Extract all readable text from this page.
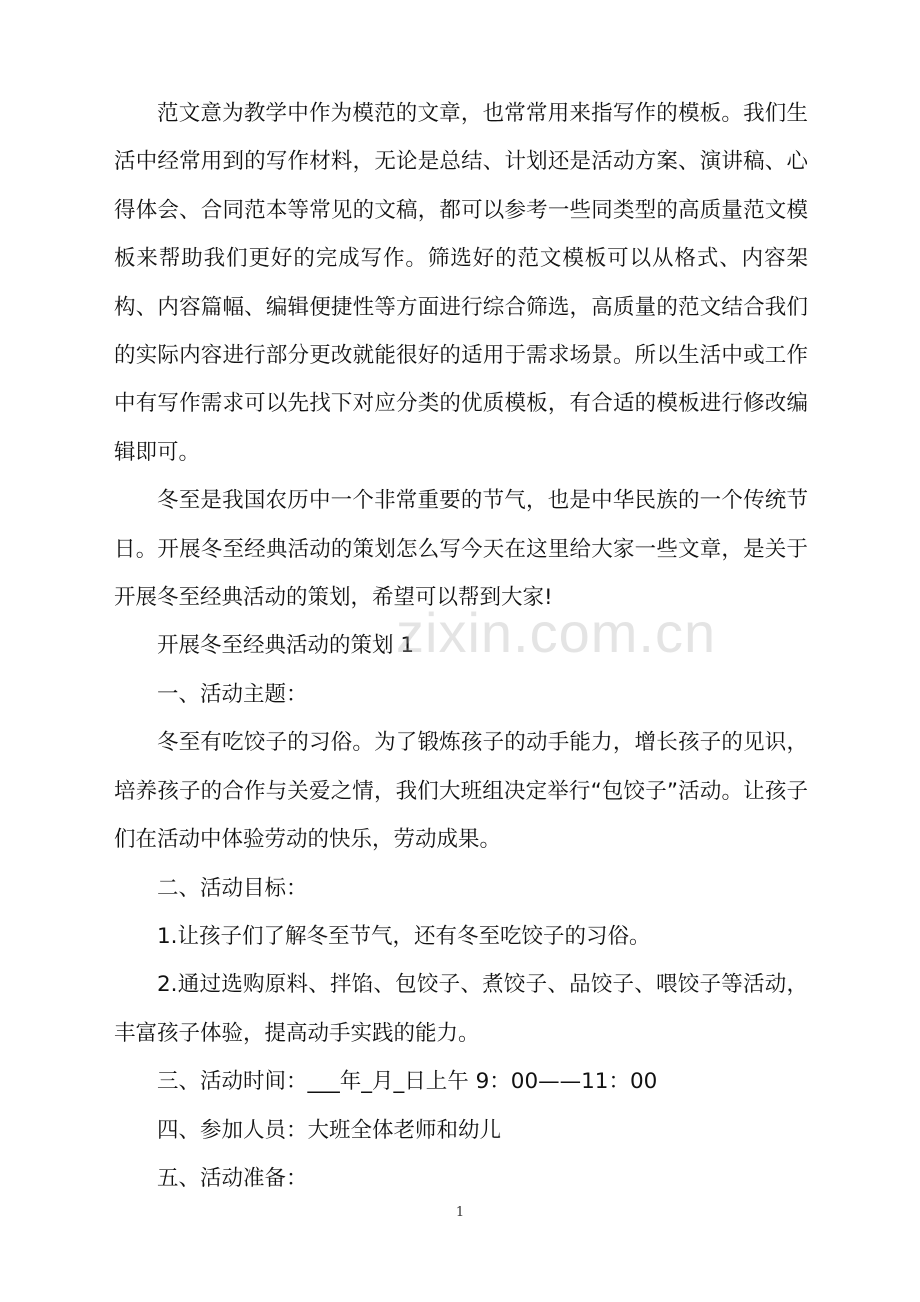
范文意为教学中作为模范的文章，也常常用来指写作的模板。我们生活中经常用到的写作材料，无论是总结、计划还是活动方案、演讲稿、心得体会、合同范本等常见的文稿，都可以参考一些同类型的高质量范文模板来帮助我们更好的完成写作。筛选好的范文模板可以从格式、内容架构、内容篇幅、编辑便捷性等方面进行综合筛选，高质量的范文结合我们的实际内容进行部分更改就能很好的适用于需求场景。所以生活中或工作中有写作需求可以先找下对应分类的优质模板，有合适的模板进行修改编辑即可。

冬至是我国农历中一个非常重要的节气，也是中华民族的一个传统节日。开展冬至经典活动的策划怎么写今天在这里给大家一些文章，是关于开展冬至经典活动的策划，希望可以帮到大家!

开展冬至经典活动的策划 1

一、活动主题：

冬至有吃饺子的习俗。为了锻炼孩子的动手能力，增长孩子的见识，培养孩子的合作与关爱之情，我们大班组决定举行“包饺子”活动。让孩子们在活动中体验劳动的快乐，劳动成果。

二、活动目标：

1.让孩子们了解冬至节气，还有冬至吃饺子的习俗。

2.通过选购原料、拌馅、包饺子、煮饺子、品饺子、喂饺子等活动，丰富孩子体验，提高动手实践的能力。

三、活动时间：___年_月_日上午 9：00——11：00

四、参加人员：大班全体老师和幼儿

五、活动准备：

zixin.com.cn
1
